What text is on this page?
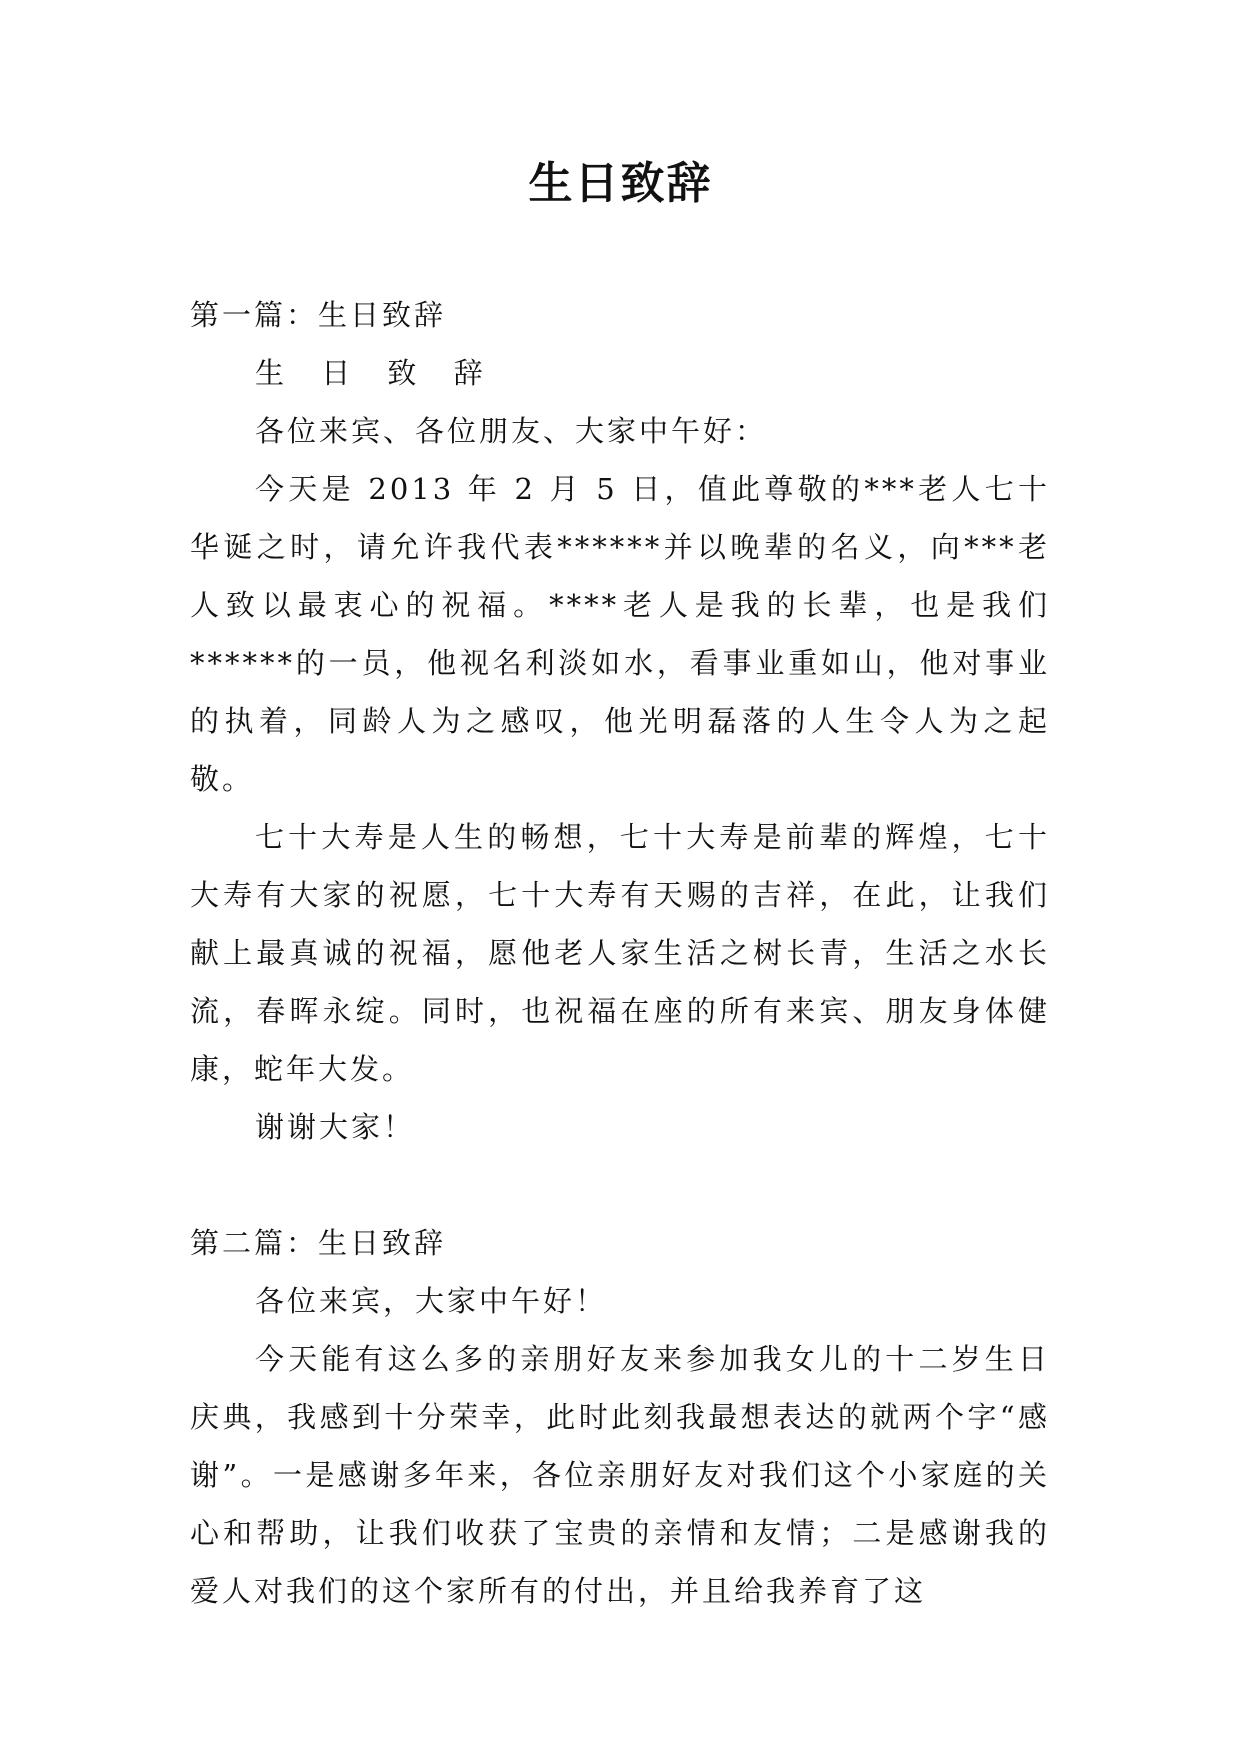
生日致辞
第一篇：生日致辞

生 日 致 辞

各位来宾、各位朋友、大家中午好：

今天是 2013 年 2 月 5 日，值此尊敬的***老人七十华诞之时，请允许我代表******并以晚辈的名义，向***老人致以最衷心的祝福。****老人是我的长辈，也是我们******的一员，他视名利淡如水，看事业重如山，他对事业的执着，同龄人为之感叹，他光明磊落的人生令人为之起敬。

七十大寿是人生的畅想，七十大寿是前辈的辉煌，七十大寿有大家的祝愿，七十大寿有天赐的吉祥，在此，让我们献上最真诚的祝福，愿他老人家生活之树长青，生活之水长流，春晖永绽。同时，也祝福在座的所有来宾、朋友身体健康，蛇年大发。

谢谢大家！

第二篇：生日致辞

各位来宾，大家中午好！

今天能有这么多的亲朋好友来参加我女儿的十二岁生日庆典，我感到十分荣幸，此时此刻我最想表达的就两个字“感谢”。一是感谢多年来，各位亲朋好友对我们这个小家庭的关心和帮助，让我们收获了宝贵的亲情和友情；二是感谢我的爱人对我们的这个家所有的付出，并且给我养育了这
